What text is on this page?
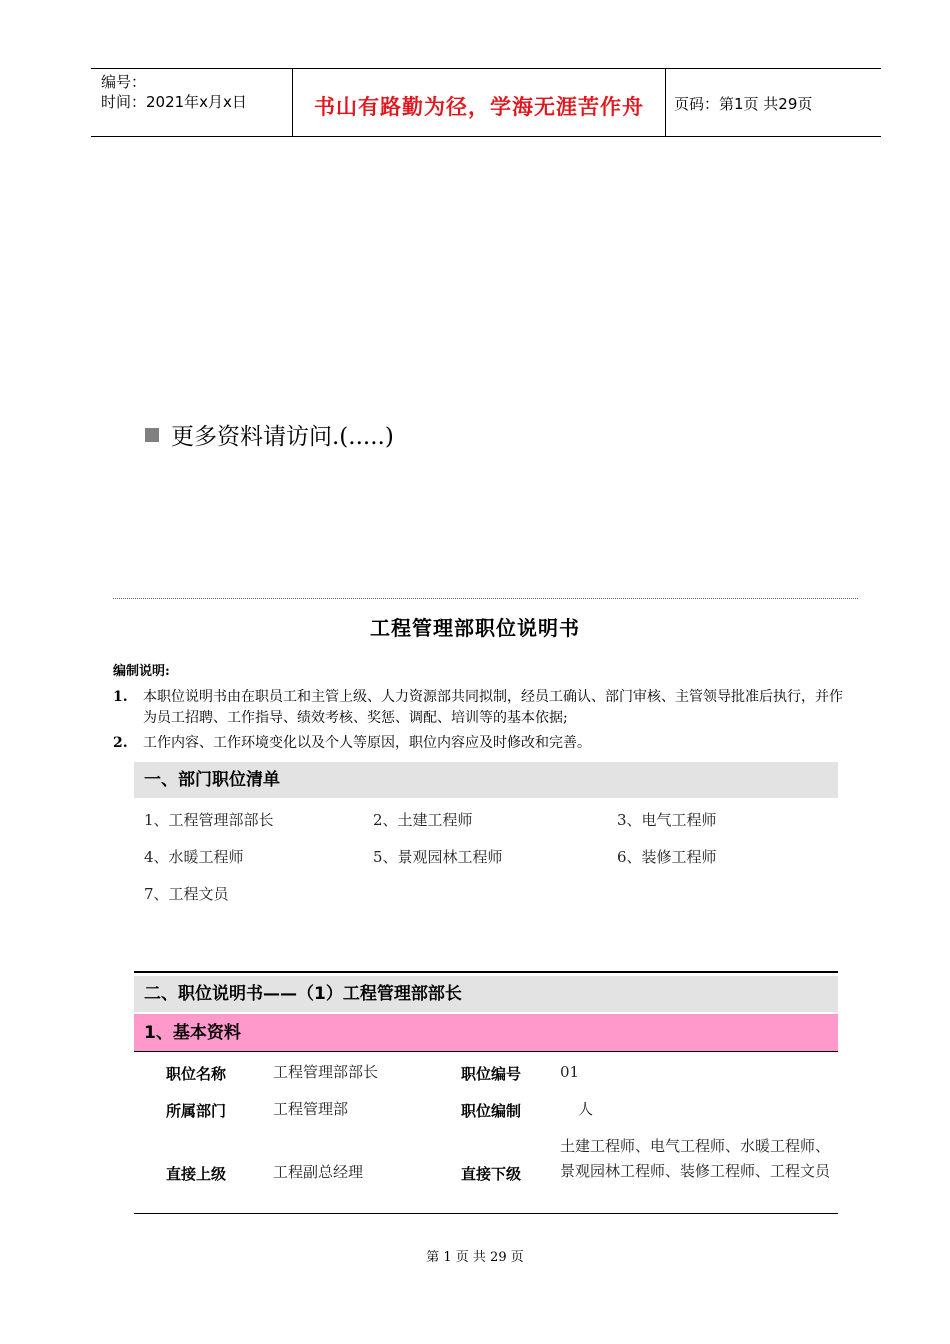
编号：
时间：2021年x月x日	书山有路勤为径，学海无涯苦作舟	页码：第1页 共29页
更多资料请访问.(.....)
工程管理部职位说明书
编制说明:
1. 本职位说明书由在职员工和主管上级、人力资源部共同拟制，经员工确认、部门审核、主管领导批准后执行，并作为员工招聘、工作指导、绩效考核、奖惩、调配、培训等的基本依据;
2. 工作内容、工作环境变化以及个人等原因，职位内容应及时修改和完善。
一、部门职位清单
1、工程管理部部长	2、土建工程师	3、电气工程师
4、水暖工程师	5、景观园林工程师	6、装修工程师
7、工程文员
二、职位说明书——（1）工程管理部部长
1、基本资料
职位名称	工程管理部部长	职位编号	01
所属部门	工程管理部	职位编制	人
直接上级	工程副总经理	直接下级
土建工程师、电气工程师、水暖工程师、景观园林工程师、装修工程师、工程文员
第 1 页 共 29 页
